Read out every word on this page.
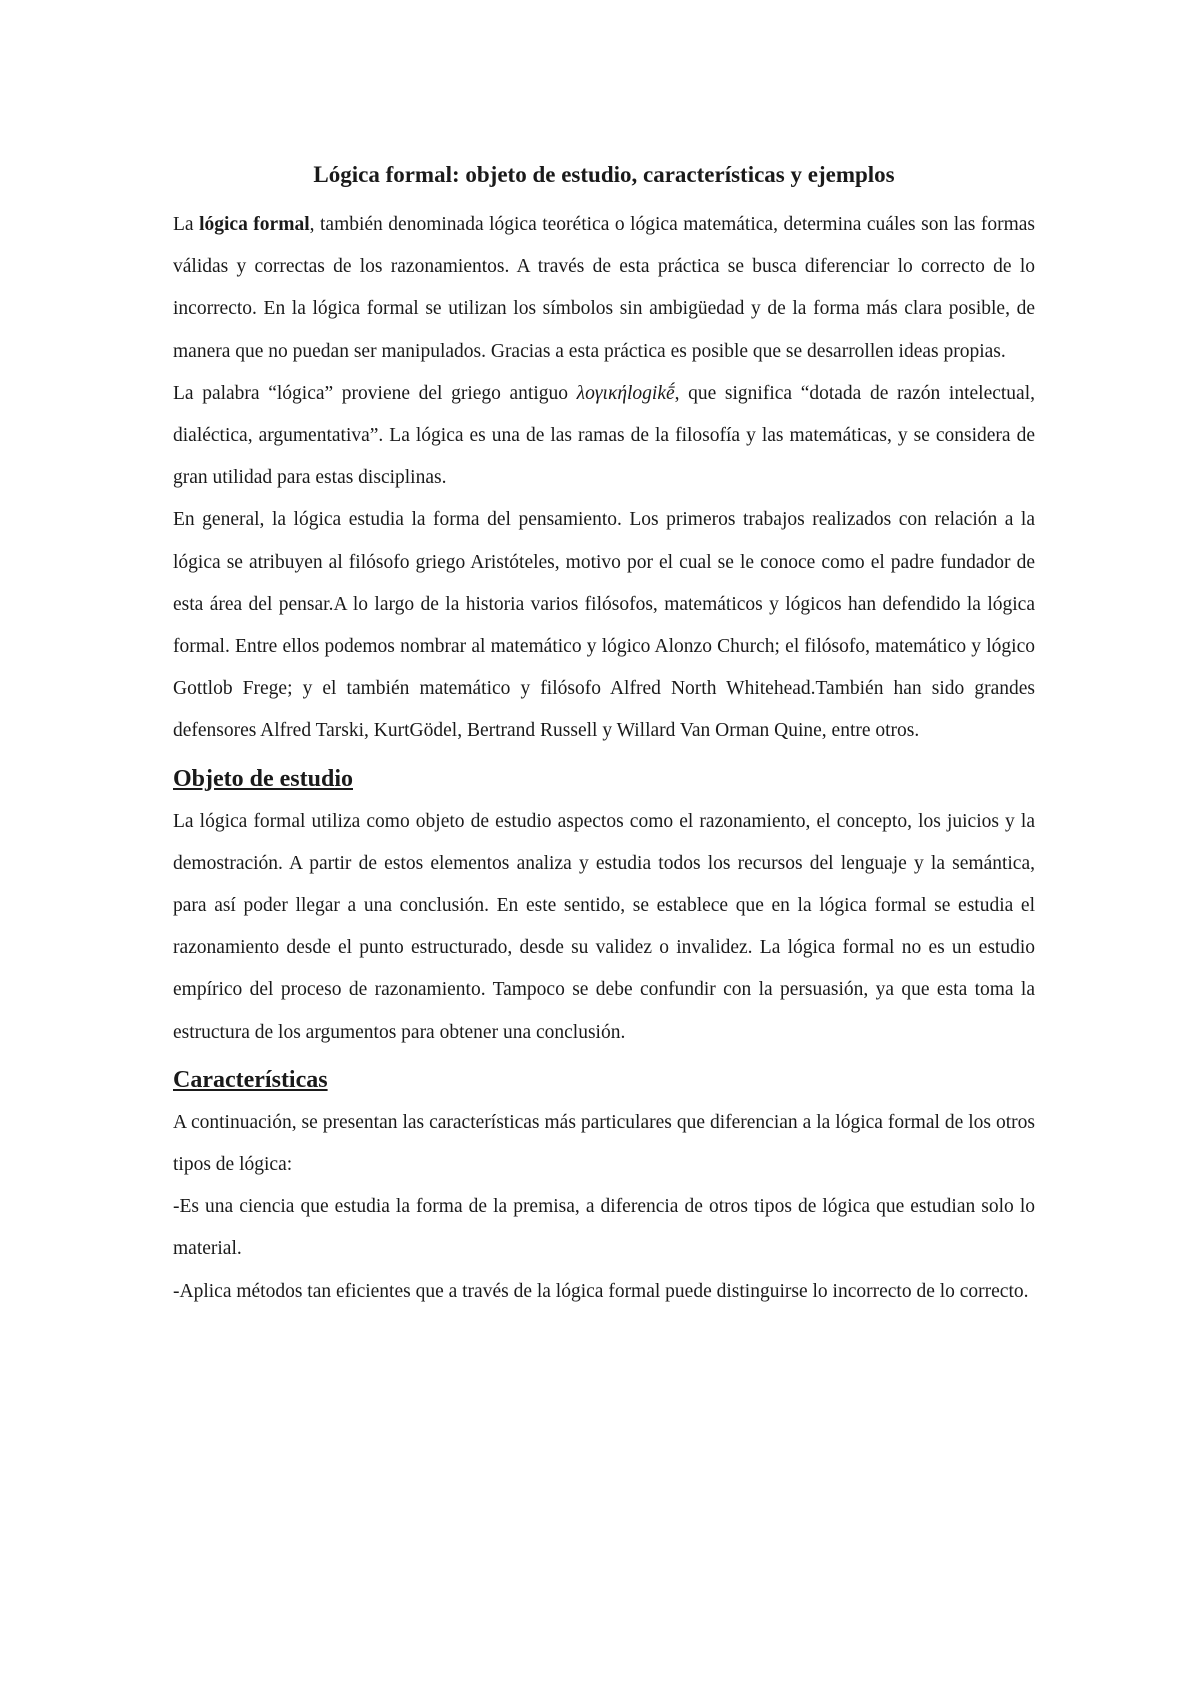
Lógica formal: objeto de estudio, características y ejemplos

La lógica formal, también denominada lógica teorética o lógica matemática, determina cuáles son las formas válidas y correctas de los razonamientos. A través de esta práctica se busca diferenciar lo correcto de lo incorrecto. En la lógica formal se utilizan los símbolos sin ambigüedad y de la forma más clara posible, de manera que no puedan ser manipulados. Gracias a esta práctica es posible que se desarrollen ideas propias.

La palabra “lógica” proviene del griego antiguo λογικήlogikḗ, que significa “dotada de razón intelectual, dialéctica, argumentativa”. La lógica es una de las ramas de la filosofía y las matemáticas, y se considera de gran utilidad para estas disciplinas.

En general, la lógica estudia la forma del pensamiento. Los primeros trabajos realizados con relación a la lógica se atribuyen al filósofo griego Aristóteles, motivo por el cual se le conoce como el padre fundador de esta área del pensar.A lo largo de la historia varios filósofos, matemáticos y lógicos han defendido la lógica formal. Entre ellos podemos nombrar al matemático y lógico Alonzo Church; el filósofo, matemático y lógico Gottlob Frege; y el también matemático y filósofo Alfred North Whitehead.También han sido grandes defensores Alfred Tarski, KurtGödel, Bertrand Russell y Willard Van Orman Quine, entre otros.

Objeto de estudio

La lógica formal utiliza como objeto de estudio aspectos como el razonamiento, el concepto, los juicios y la demostración. A partir de estos elementos analiza y estudia todos los recursos del lenguaje y la semántica, para así poder llegar a una conclusión. En este sentido, se establece que en la lógica formal se estudia el razonamiento desde el punto estructurado, desde su validez o invalidez. La lógica formal no es un estudio empírico del proceso de razonamiento. Tampoco se debe confundir con la persuasión, ya que esta toma la estructura de los argumentos para obtener una conclusión.

Características

A continuación, se presentan las características más particulares que diferencian a la lógica formal de los otros tipos de lógica:

-Es una ciencia que estudia la forma de la premisa, a diferencia de otros tipos de lógica que estudian solo lo material.

-Aplica métodos tan eficientes que a través de la lógica formal puede distinguirse lo incorrecto de lo correcto.
